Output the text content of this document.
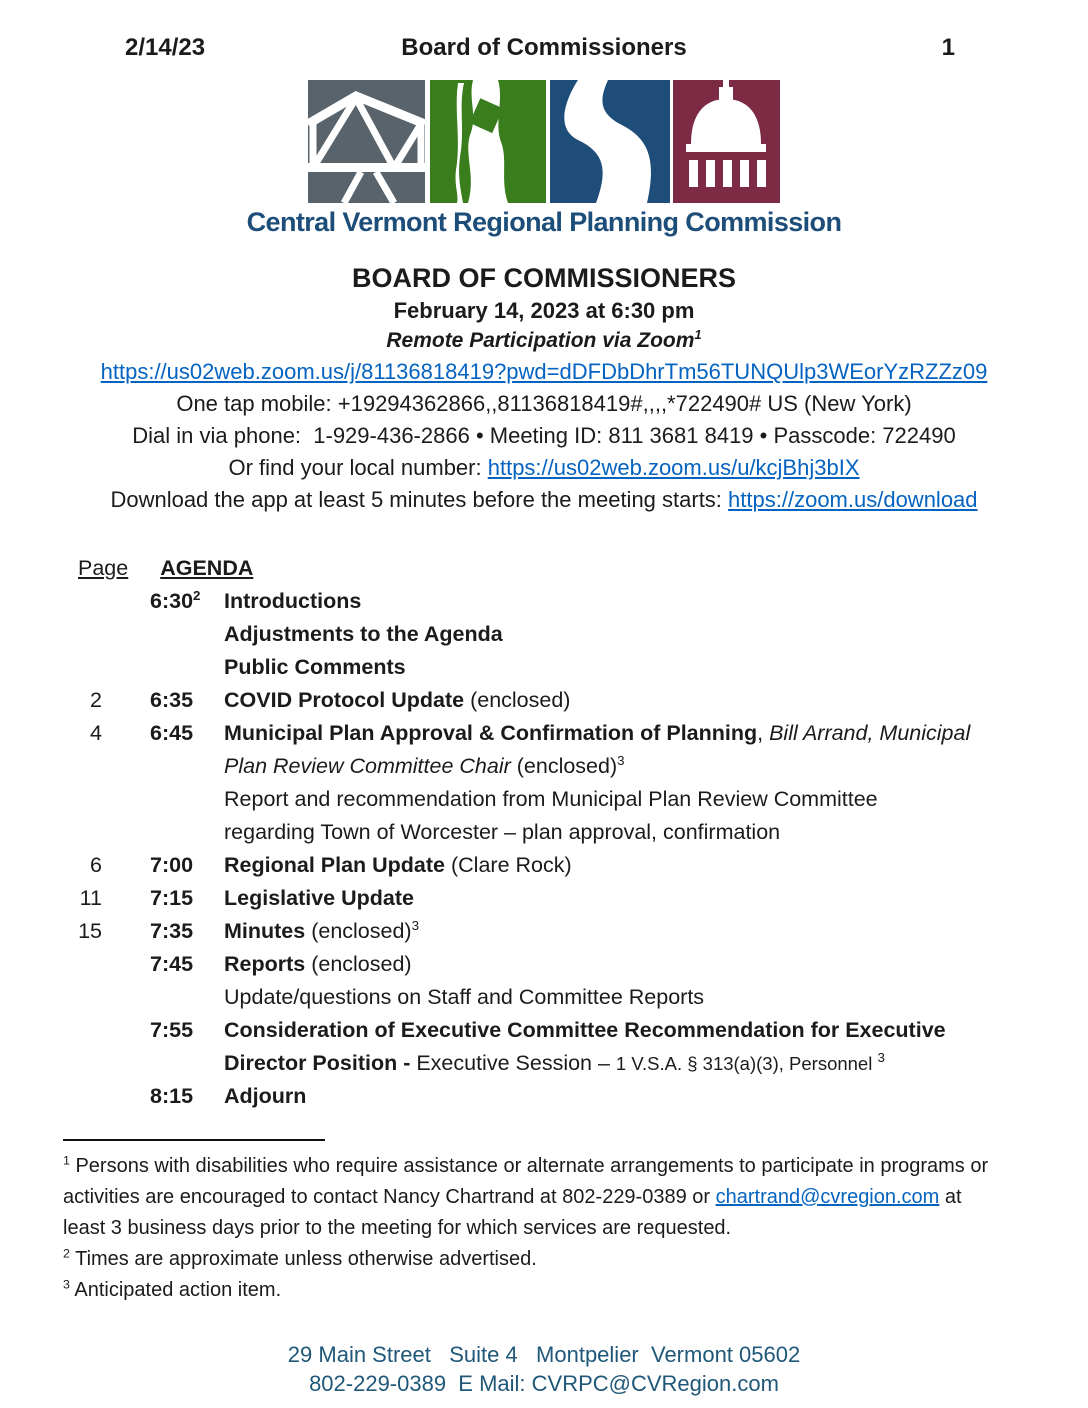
2/14/23	Board of Commissioners	1
Central Vermont Regional Planning Commission
BOARD OF COMMISSIONERS
February 14, 2023 at 6:30 pm
Remote Participation via Zoom$^1$
https://us02web.zoom.us/j/81136818419?pwd=dDFDbDhrTm56TUNQUlp3WEorYzRZZz09
One tap mobile: +19294362866,,81136818419#,,,,*722490# US (New York)
Dial in via phone:  1-929-436-2866 • Meeting ID: 811 3681 8419 • Passcode: 722490
Or find your local number: https://us02web.zoom.us/u/kcjBhj3bIX
Download the app at least 5 minutes before the meeting starts: https://zoom.us/download
Page AGENDA
$6:30^2$	Introductions
Adjustments to the Agenda
Public Comments
2 6:35	COVID Protocol Update (enclosed)
4 6:45	Municipal Plan Approval & Confirmation of Planning, Bill Arrand, Municipal
Plan Review Committee Chair (enclosed)$^3$
Report and recommendation from Municipal Plan Review Committee
regarding Town of Worcester – plan approval, confirmation
6 7:00	Regional Plan Update (Clare Rock)
11 7:15	Legislative Update
15 7:35	Minutes (enclosed)$^3$
7:45	Reports (enclosed)
Update/questions on Staff and Committee Reports
7:55	Consideration of Executive Committee Recommendation for Executive
Director Position - Executive Session – 1 V.S.A. § 313(a)(3), Personnel $^3$
8:15	Adjourn

$^1$ Persons with disabilities who require assistance or alternate arrangements to participate in programs or activities are encouraged to contact Nancy Chartrand at 802-229-0389 or chartrand@cvregion.com at least 3 business days prior to the meeting for which services are requested.

$^2$ Times are approximate unless otherwise advertised.

$^3$ Anticipated action item.

29 Main Street   Suite 4   Montpelier  Vermont 05602
802-229-0389  E Mail: CVRPC@CVRegion.com
